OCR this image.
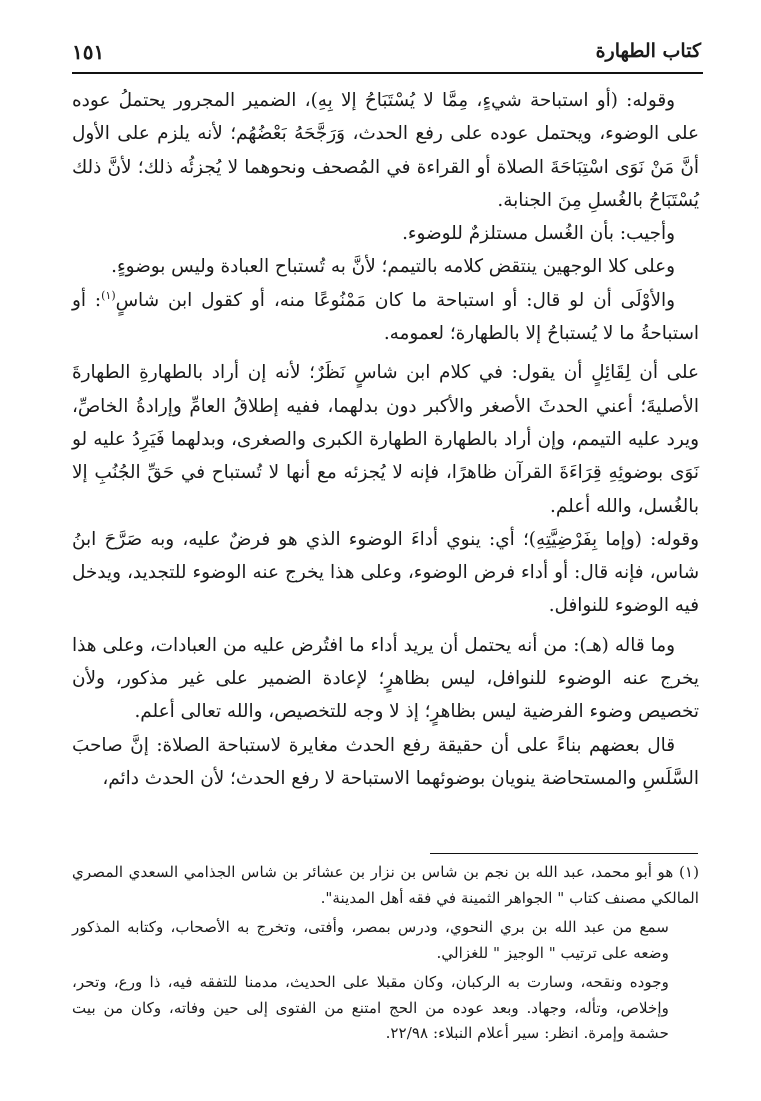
كتاب الطهارة
١٥١

وقوله: (أو استباحة شيءٍ، مِمَّا لا يُسْتَبَاحُ إلا بِهِ)، الضمير المجرور يحتملُ عوده على الوضوء، ويحتمل عوده على رفع الحدث، وَرَجَّحَهُ بَعْضُهُم؛ لأنه يلزم على الأول أنَّ مَنْ نَوَى اسْتِبَاحَةَ الصلاة أو القراءة في المُصحف ونحوهما لا يُجزئُه ذلك؛ لأنَّ ذلك يُسْتَبَاحُ بالغُسلِ مِنَ الجنابة.

وأجيب: بأن الغُسل مستلزمٌ للوضوء.

وعلى كلا الوجهين ينتقض كلامه بالتيمم؛ لأنَّ به تُستباح العبادة وليس بوضوءٍ.

والأوْلَى أن لو قال: أو استباحة ما كان مَمْنُوعًا منه، أو كقول ابن شاسٍ$^{(١)}$: أو استباحةُ ما لا يُستباحُ إلا بالطهارة؛ لعمومه.

على أن لِقَائِلٍ أن يقول: في كلام ابن شاسٍ نَظَرٌ؛ لأنه إن أراد بالطهارةِ الطهارةَ الأصليةَ؛ أعني الحدثَ الأصغر والأكبر دون بدلهما، ففيه إطلاقُ العامِّ وإرادةُ الخاصِّ، ويرد عليه التيمم، وإن أراد بالطهارة الطهارة الكبرى والصغرى، وبدلهما فَيَرِدُ عليه لو نَوَى بوضوئِهِ قِرَاءَةَ القرآن ظاهرًا، فإنه لا يُجزئه مع أنها لا تُستباح في حَقِّ الجُنُبِ إلا بالغُسل، والله أعلم.

وقوله: (وإما بِفَرْضِيَّتِهِ)؛ أي: ينوي أداءَ الوضوء الذي هو فرضٌ عليه، وبه صَرَّحَ ابنُ شاس، فإنه قال: أو أداء فرض الوضوء، وعلى هذا يخرج عنه الوضوء للتجديد، ويدخل فيه الوضوء للنوافل.

وما قاله (هـ): من أنه يحتمل أن يريد أداء ما افتُرض عليه من العبادات، وعلى هذا يخرج عنه الوضوء للنوافل، ليس بظاهرٍ؛ لإعادة الضمير على غير مذكور، ولأن تخصيص وضوء الفرضية ليس بظاهرٍ؛ إذ لا وجه للتخصيص، والله تعالى أعلم.

قال بعضهم بناءً على أن حقيقة رفع الحدث مغايرة لاستباحة الصلاة: إنَّ صاحبَ السَّلَسِ والمستحاضة ينويان بوضوئهما الاستباحة لا رفع الحدث؛ لأن الحدث دائم،

(١) هو أبو محمد، عبد الله بن نجم بن شاس بن نزار بن عشائر بن شاس الجذامي السعدي المصري المالكي مصنف كتاب " الجواهر الثمينة في فقه أهل المدينة".

سمع من عبد الله بن بري النحوي، ودرس بمصر، وأفتى، وتخرج به الأصحاب، وكتابه المذكور وضعه على ترتيب " الوجيز " للغزالي.

وجوده ونقحه، وسارت به الركبان، وكان مقبلا على الحديث، مدمنا للتفقه فيه، ذا ورع، وتحر، وإخلاص، وتأله، وجهاد. وبعد عوده من الحج امتنع من الفتوى إلى حين وفاته، وكان من بيت حشمة وإمرة. انظر: سير أعلام النبلاء: ٢٢/٩٨.
